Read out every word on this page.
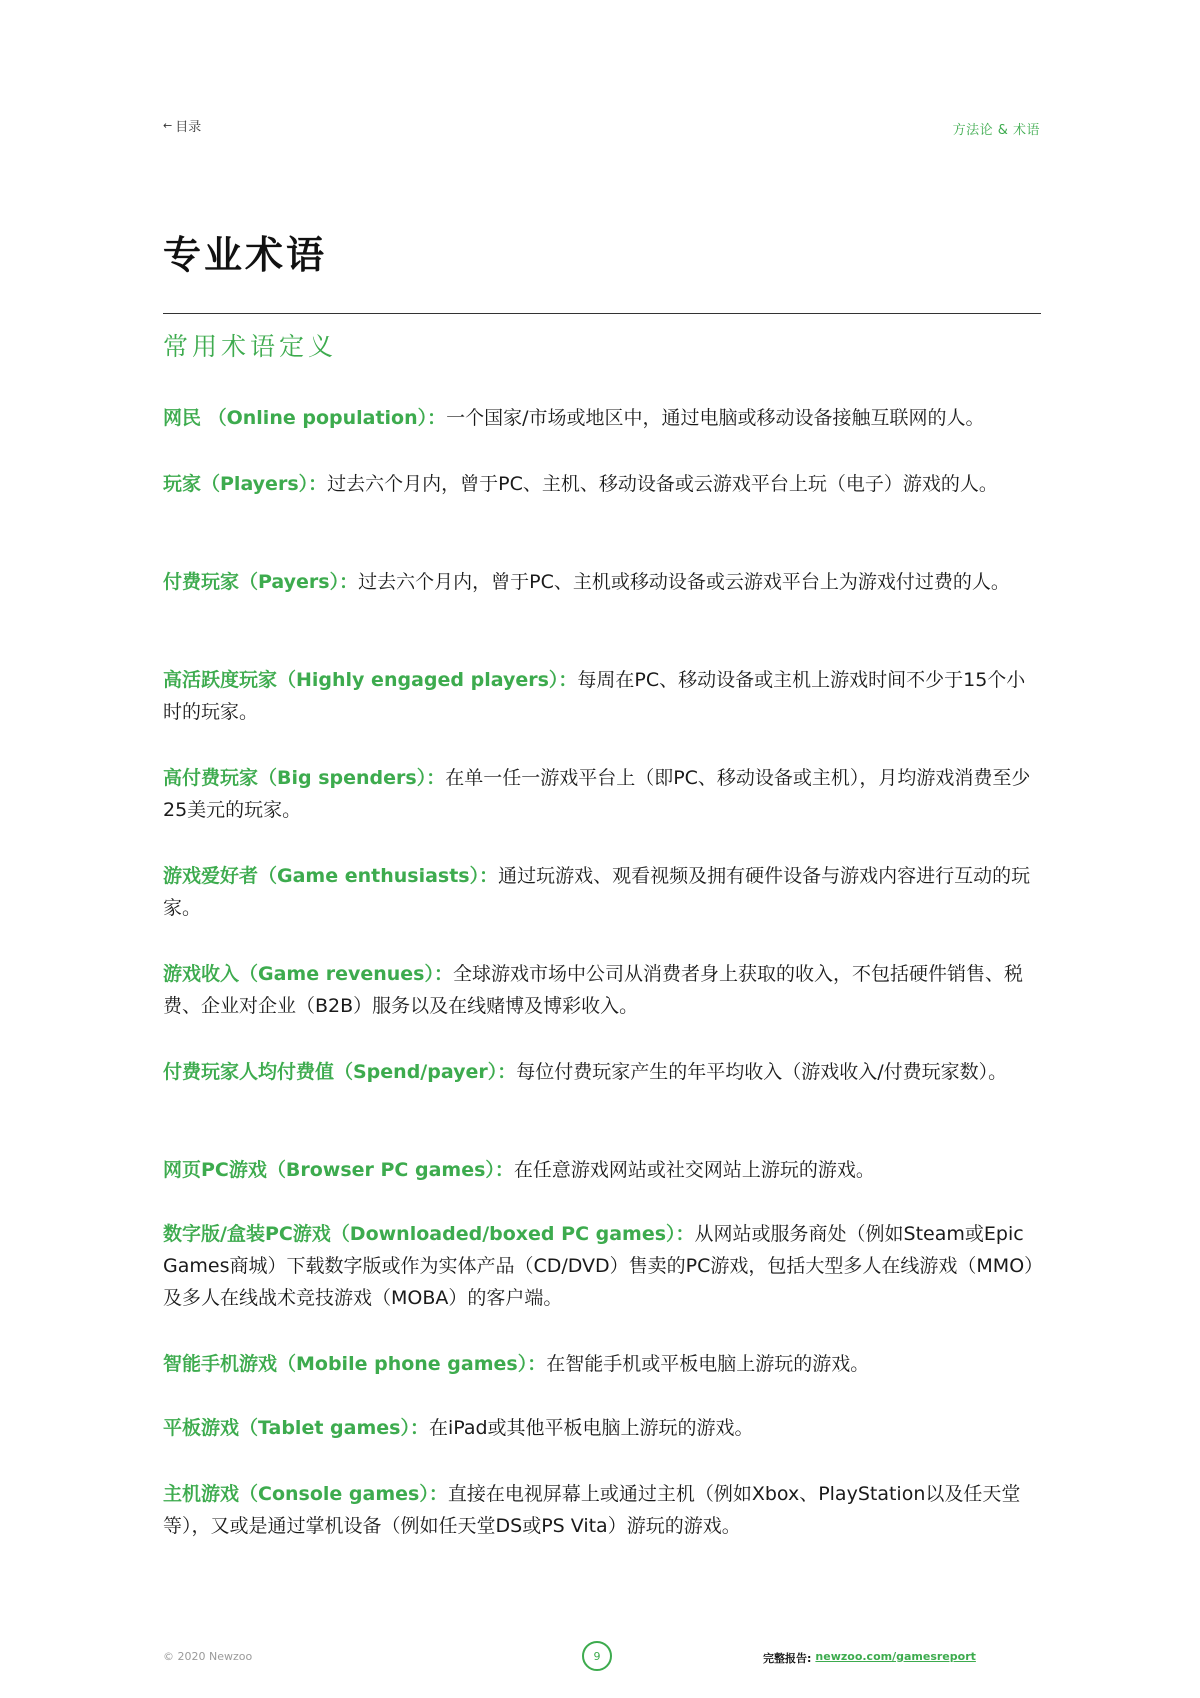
← 目录	方法论 & 术语
专业术语
常用术语定义

网民 （Online population）：一个国家/市场或地区中，通过电脑或移动设备接触互联网的人。

玩家（Players）：过去六个月内，曾于PC、主机、移动设备或云游戏平台上玩（电子）游戏的人。

付费玩家（Payers）：过去六个月内，曾于PC、主机或移动设备或云游戏平台上为游戏付过费的人。

高活跃度玩家（Highly engaged players）：每周在PC、移动设备或主机上游戏时间不少于15个小时的玩家。

高付费玩家（Big spenders）：在单一任一游戏平台上（即PC、移动设备或主机），月均游戏消费至少25美元的玩家。

游戏爱好者（Game enthusiasts）：通过玩游戏、观看视频及拥有硬件设备与游戏内容进行互动的玩家。

游戏收入（Game revenues）：全球游戏市场中公司从消费者身上获取的收入，不包括硬件销售、税费、企业对企业（B2B）服务以及在线赌博及博彩收入。

付费玩家人均付费值（Spend/payer）：每位付费玩家产生的年平均收入（游戏收入/付费玩家数）。

网页PC游戏（Browser PC games）：在任意游戏网站或社交网站上游玩的游戏。

数字版/盒装PC游戏（Downloaded/boxed PC games）：从网站或服务商处（例如Steam或Epic Games商城）下载数字版或作为实体产品（CD/DVD）售卖的PC游戏，包括大型多人在线游戏（MMO）及多人在线战术竞技游戏（MOBA）的客户端。

智能手机游戏（Mobile phone games）：在智能手机或平板电脑上游玩的游戏。

平板游戏（Tablet games）：在iPad或其他平板电脑上游玩的游戏。

主机游戏（Console games）：直接在电视屏幕上或通过主机（例如Xbox、PlayStation以及任天堂等），又或是通过掌机设备（例如任天堂DS或PS Vita）游玩的游戏。

© 2020 Newzoo	9	完整报告: newzoo.com/gamesreport
